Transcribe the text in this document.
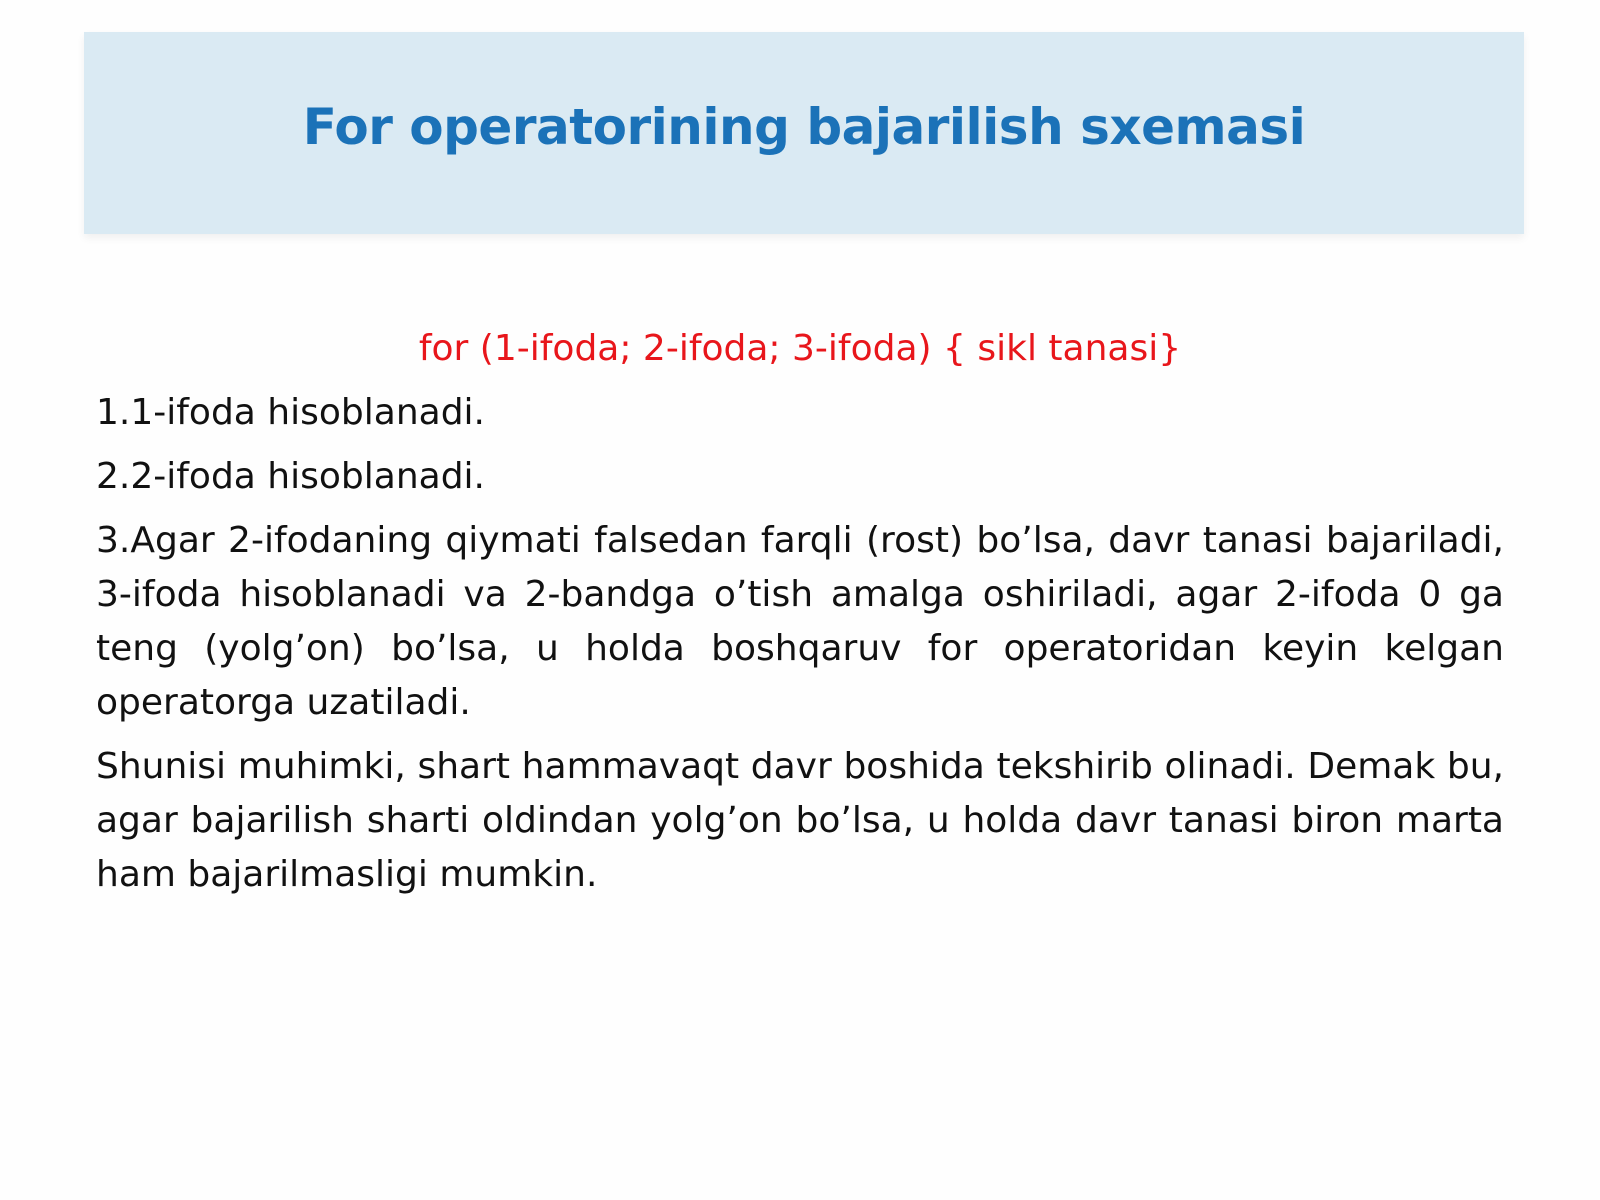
For operatorining bajarilish sxemasi

for (1-ifoda; 2-ifoda; 3-ifoda) { sikl tanasi}

1.1-ifoda hisoblanadi.

2.2-ifoda hisoblanadi.

3.Agar 2-ifodaning qiymati falsedan farqli (rost) bo’lsa, davr tanasi bajariladi, 3-ifoda hisoblanadi va 2-bandga o’tish amalga oshiriladi, agar 2-ifoda 0 ga teng (yolg’on) bo’lsa, u holda boshqaruv for operatoridan keyin kelgan operatorga uzatiladi.

Shunisi muhimki, shart hammavaqt davr boshida tekshirib olinadi. Demak bu, agar bajarilish sharti oldindan yolg’on bo’lsa, u holda davr tanasi biron marta ham bajarilmasligi mumkin.
